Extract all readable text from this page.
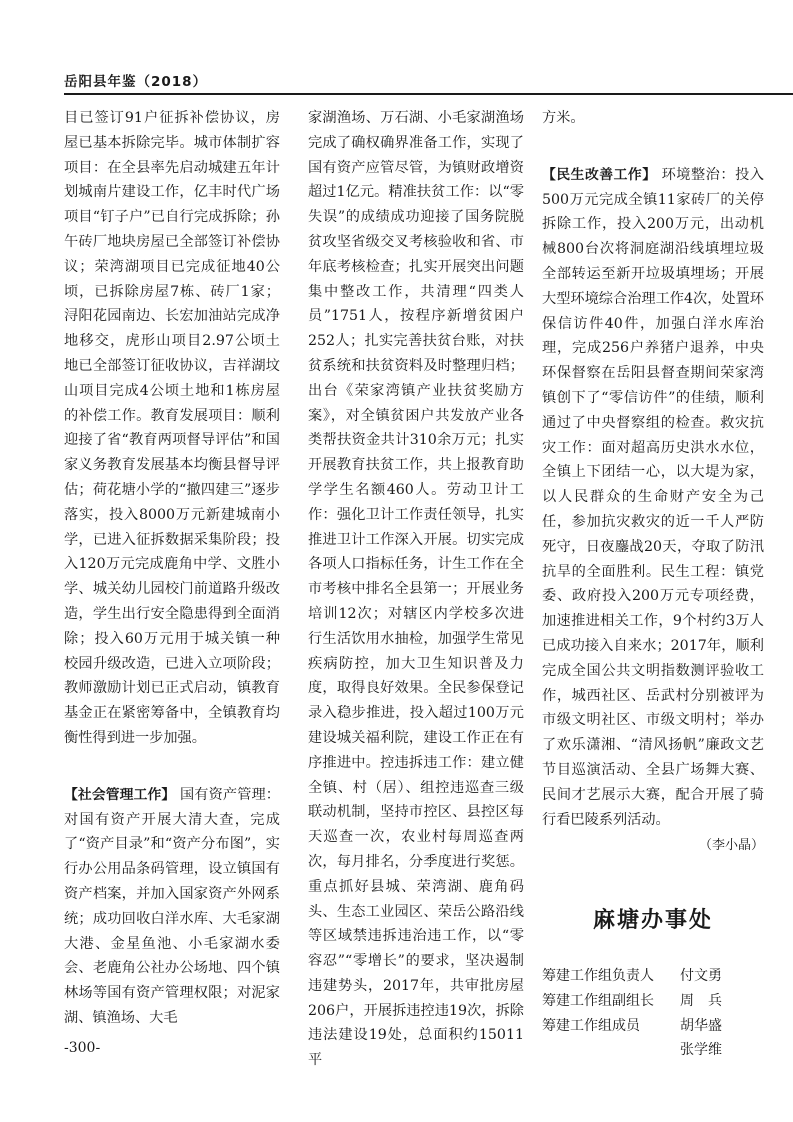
岳阳县年鉴（2018）

目已签订91户征拆补偿协议，房屋已基本拆除完毕。城市体制扩容项目：在全县率先启动城建五年计划城南片建设工作，亿丰时代广场项目“钉子户”已自行完成拆除；孙午砖厂地块房屋已全部签订补偿协议；荣湾湖项目已完成征地40公顷，已拆除房屋7栋、砖厂1家；浔阳花园南边、长宏加油站完成净地移交，虎形山项目2.97公顷土地已全部签订征收协议，吉祥湖坟山项目完成4公顷土地和1栋房屋的补偿工作。教育发展项目：顺利迎接了省“教育两项督导评估”和国家义务教育发展基本均衡县督导评估；荷花塘小学的“撤四建三”逐步落实，投入8000万元新建城南小学，已进入征拆数据采集阶段；投入120万元完成鹿角中学、文胜小学、城关幼儿园校门前道路升级改造，学生出行安全隐患得到全面消除；投入60万元用于城关镇一种校园升级改造，已进入立项阶段；教师激励计划已正式启动，镇教育基金正在紧密筹备中，全镇教育均衡性得到进一步加强。

【社会管理工作】 国有资产管理：对国有资产开展大清大查，完成了“资产目录”和“资产分布图”，实行办公用品条码管理，设立镇国有资产档案，并加入国家资产外网系统；成功回收白洋水库、大毛家湖大港、金星鱼池、小毛家湖水委会、老鹿角公社办公场地、四个镇林场等国有资产管理权限；对泥家湖、镇渔场、大毛

家湖渔场、万石湖、小毛家湖渔场完成了确权确界准备工作，实现了国有资产应管尽管，为镇财政增资超过1亿元。精准扶贫工作：以“零失误”的成绩成功迎接了国务院脱贫攻坚省级交叉考核验收和省、市年底考核检查；扎实开展突出问题集中整改工作，共清理“四类人员”1751人，按程序新增贫困户252人；扎实完善扶贫台账，对扶贫系统和扶贫资料及时整理归档；出台《荣家湾镇产业扶贫奖励方案》，对全镇贫困户共发放产业各类帮扶资金共计310余万元；扎实开展教育扶贫工作，共上报教育助学学生名额460人。劳动卫计工作：强化卫计工作责任领导，扎实推进卫计工作深入开展。切实完成各项人口指标任务，计生工作在全市考核中排名全县第一；开展业务培训12次；对辖区内学校多次进行生活饮用水抽检，加强学生常见疾病防控，加大卫生知识普及力度，取得良好效果。全民参保登记录入稳步推进，投入超过100万元建设城关福利院，建设工作正在有序推进中。控违拆违工作：建立健全镇、村（居）、组控违巡查三级联动机制，坚持市控区、县控区每天巡查一次，农业村每周巡查两次，每月排名，分季度进行奖惩。重点抓好县城、荣湾湖、鹿角码头、生态工业园区、荣岳公路沿线等区域禁违拆违治违工作，以“零容忍”“零增长”的要求，坚决遏制违建势头，2017年，共审批房屋206户，开展拆违控违19次，拆除违法建设19处，总面积约15011平

方米。

【民生改善工作】 环境整治：投入500万元完成全镇11家砖厂的关停拆除工作，投入200万元，出动机械800台次将洞庭湖沿线填埋垃圾全部转运至新开垃圾填埋场；开展大型环境综合治理工作4次，处置环保信访件40件，加强白洋水库治理，完成256户养猪户退养，中央环保督察在岳阳县督查期间荣家湾镇创下了“零信访件”的佳绩，顺利通过了中央督察组的检查。救灾抗灾工作：面对超高历史洪水水位，全镇上下团结一心，以大堤为家，以人民群众的生命财产安全为己任，参加抗灾救灾的近一千人严防死守，日夜鏖战20天，夺取了防汛抗旱的全面胜利。民生工程：镇党委、政府投入200万元专项经费，加速推进相关工作，9个村约3万人已成功接入自来水；2017年，顺利完成全国公共文明指数测评验收工作，城西社区、岳武村分别被评为市级文明社区、市级文明村；举办了欢乐潇湘、“清风扬帆”廉政文艺节目巡演活动、全县广场舞大赛、民间才艺展示大赛，配合开展了骑行看巴陵系列活动。

（李小晶）
麻塘办事处
筹建工作组负责人	付文勇
筹建工作组副组长	周　兵
筹建工作组成员	胡华盛
张学维
-300-
